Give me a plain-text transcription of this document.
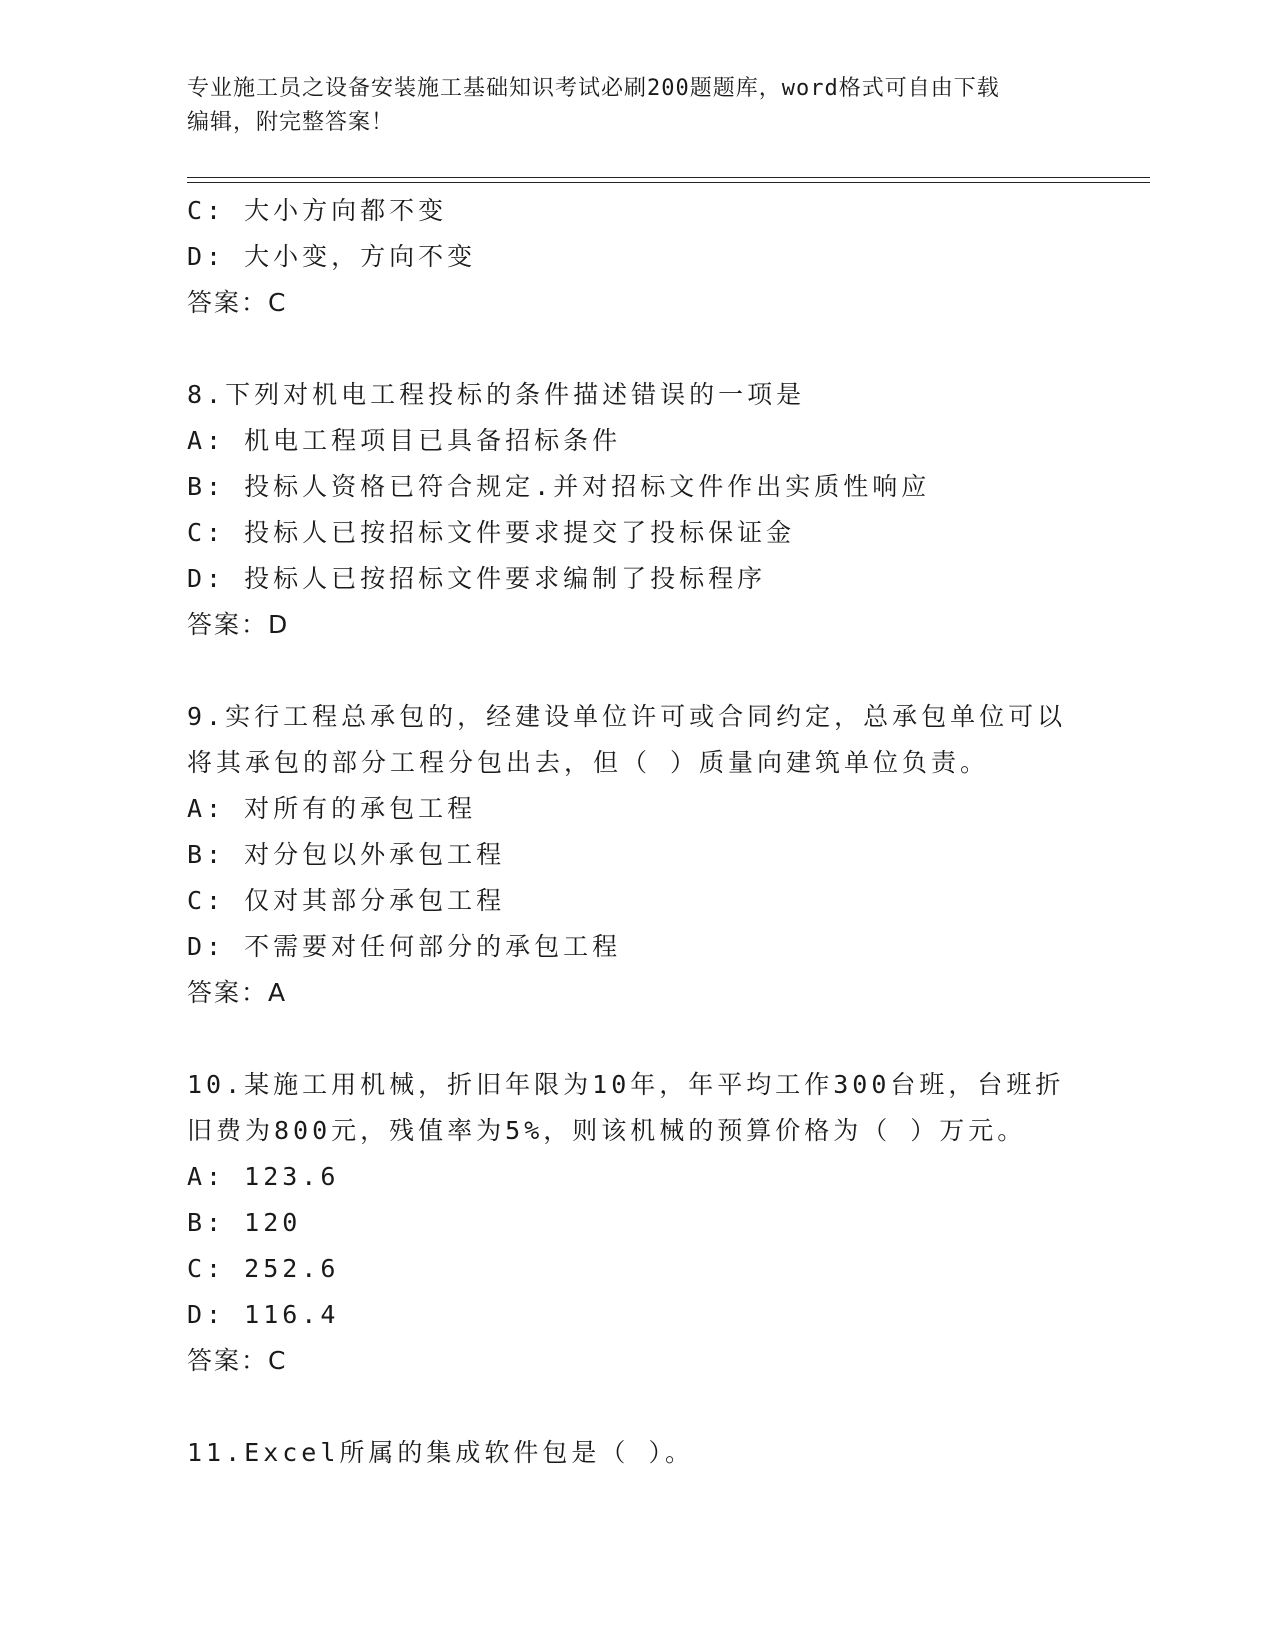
专业施工员之设备安装施工基础知识考试必刷200题题库，word格式可自由下载
编辑，附完整答案！
C: 大小方向都不变
D: 大小变，方向不变
答案：C
8.下列对机电工程投标的条件描述错误的一项是
A: 机电工程项目已具备招标条件
B: 投标人资格已符合规定.并对招标文件作出实质性响应
C: 投标人已按招标文件要求提交了投标保证金
D: 投标人已按招标文件要求编制了投标程序
答案：D
9.实行工程总承包的，经建设单位许可或合同约定，总承包单位可以
将其承包的部分工程分包出去，但（ ）质量向建筑单位负责。
A: 对所有的承包工程
B: 对分包以外承包工程
C: 仅对其部分承包工程
D: 不需要对任何部分的承包工程
答案：A
10.某施工用机械，折旧年限为10年，年平均工作300台班，台班折
旧费为800元，残值率为5%，则该机械的预算价格为（ ）万元。
A: 123.6
B: 120
C: 252.6
D: 116.4
答案：C
11.Excel所属的集成软件包是（ ）。
